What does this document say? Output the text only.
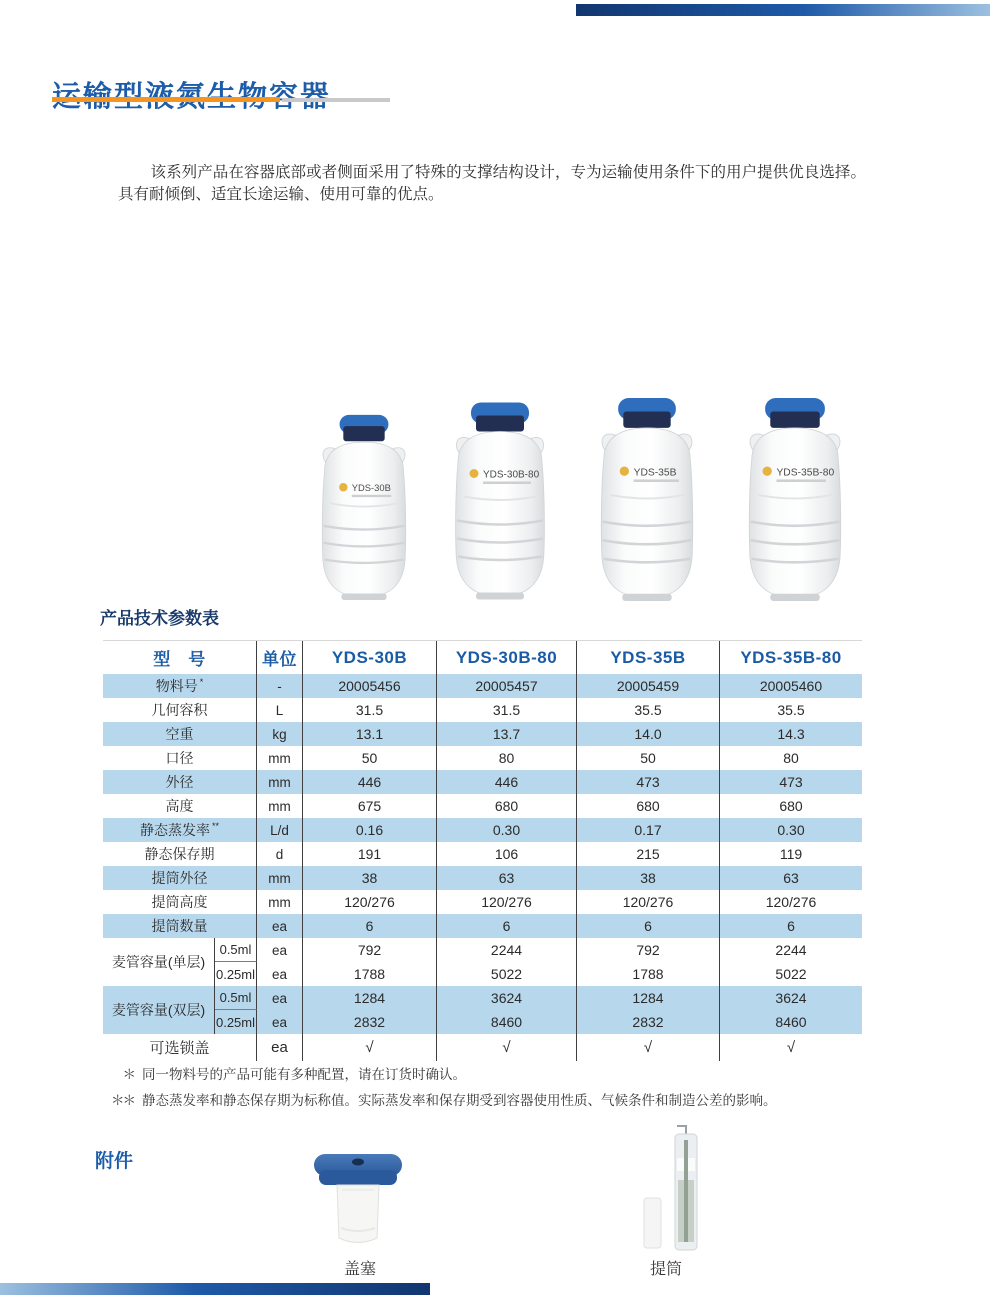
该系列产品在容器底部或者侧面采用了特殊的支撑结构设计，专为运输使用条件下的用户提供优良选择。具有耐倾倒、适宜长途运输、使用可靠的优点。

YDS-30B
YDS-30B-80	YDS-35B	YDS-35B-80
产品技术参数表
型　号	单位	YDS-30B	YDS-30B-80	YDS-35B	YDS-35B-80
物料号 *	-	20005456	20005457	20005459	20005460
几何容积	L	31.5	31.5	35.5	35.5
空重	kg	13.1	13.7	14.0	14.3
口径	mm	50	80	50	80
外径	mm	446	446	473	473
高度	mm	675	680	680	680
静态蒸发率 **	L/d	0.16	0.30	0.17	0.30
静态保存期	d	191	106	215	119
提筒外径	mm	38	63	38	63
提筒高度	mm	120/276	120/276	120/276	120/276
提筒数量	ea	6	6	6	6
麦管容量(单层)
0.5ml	ea	792	2244	792	2244
0.25ml	ea	1788	5022	1788	5022
麦管容量(双层)
0.5ml	ea	1284	3624	1284	3624
0.25ml	ea	2832	8460	2832	8460
可选锁盖	ea	√	√	√	√
＊ 同一物料号的产品可能有多种配置，请在订货时确认。
＊＊ 静态蒸发率和静态保存期为标称值。实际蒸发率和保存期受到容器使用性质、气候条件和制造公差的影响。
附件
盖塞	提筒
